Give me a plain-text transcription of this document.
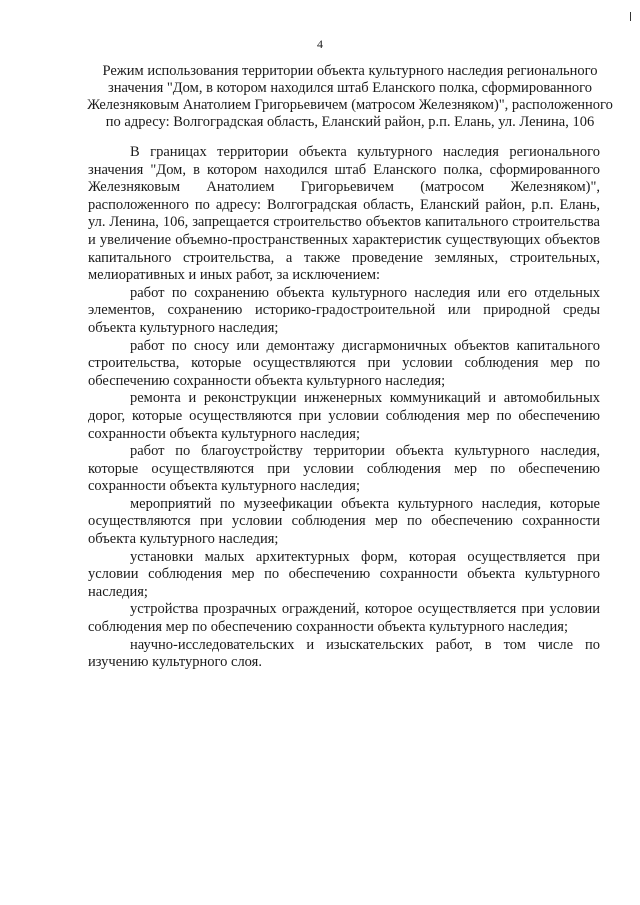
4
Режим использования территории объекта культурного наследия регионального значения "Дом, в котором находился штаб Еланского полка, сформированного Железняковым Анатолием Григорьевичем (матросом Железняком)", расположенного по адресу: Волгоградская область, Еланский район, р.п. Елань, ул. Ленина, 106

В границах территории объекта культурного наследия регионального значения "Дом, в котором находился штаб Еланского полка, сформированного Железняковым Анатолием Григорьевичем (матросом Железняком)", расположенного по адресу: Волгоградская область, Еланский район, р.п. Елань, ул. Ленина, 106, запрещается строительство объектов капитального строительства и увеличение объемно-пространственных характеристик существующих объектов капитального строительства, а также проведение земляных, строительных, мелиоративных и иных работ, за исключением:

работ по сохранению объекта культурного наследия или его отдельных элементов, сохранению историко-градостроительной или природной среды объекта культурного наследия;

работ по сносу или демонтажу дисгармоничных объектов капитального строительства, которые осуществляются при условии соблюдения мер по обеспечению сохранности объекта культурного наследия;

ремонта и реконструкции инженерных коммуникаций и автомобильных дорог, которые осуществляются при условии соблюдения мер по обеспечению сохранности объекта культурного наследия;

работ по благоустройству территории объекта культурного наследия, которые осуществляются при условии соблюдения мер по обеспечению сохранности объекта культурного наследия;

мероприятий по музеефикации объекта культурного наследия, которые осуществляются при условии соблюдения мер по обеспечению сохранности объекта культурного наследия;

установки малых архитектурных форм, которая осуществляется при условии соблюдения мер по обеспечению сохранности объекта культурного наследия;

устройства прозрачных ограждений, которое осуществляется при условии соблюдения мер по обеспечению сохранности объекта культурного наследия;

научно-исследовательских и изыскательских работ, в том числе по изучению культурного слоя.
